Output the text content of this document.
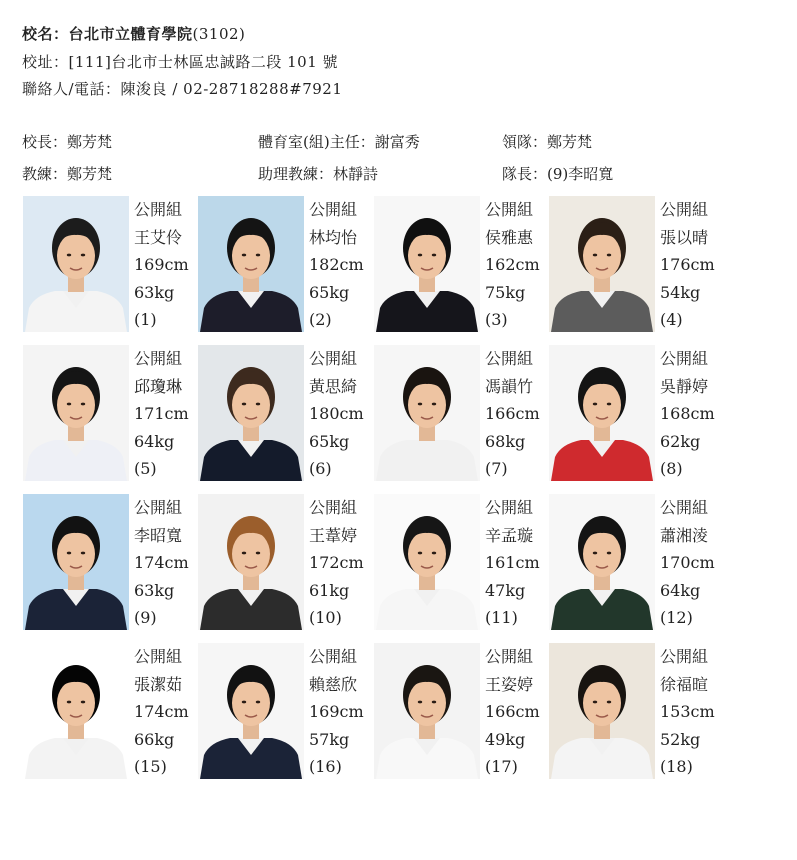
校名：台北市立體育學院(3102)
校址：[111]台北市士林區忠誠路二段 101 號
聯絡人/電話：陳浚良 / 02-28718288#7921
校長：鄭芳梵	體育室(組)主任：謝富秀	領隊：鄭芳梵
教練：鄭芳梵	助理教練：林靜詩	隊長：(9)李昭寬
公開組
王艾伶
169cm
63kg
(1)
公開組
林均怡
182cm
65kg
(2)
公開組
侯雅惠
162cm
75kg
(3)
公開組
張以晴
176cm
54kg
(4)
公開組
邱瓊琳
171cm
64kg
(5)
公開組
黃思綺
180cm
65kg
(6)
公開組
馮韻竹
166cm
68kg
(7)
公開組
吳靜婷
168cm
62kg
(8)
公開組
李昭寬
174cm
63kg
(9)
公開組
王葦婷
172cm
61kg
(10)
公開組
辛孟璇
161cm
47kg
(11)
公開組
蕭湘淩
170cm
64kg
(12)
公開組
張潔茹
174cm
66kg
(15)
公開組
賴慈欣
169cm
57kg
(16)
公開組
王姿婷
166cm
49kg
(17)
公開組
徐福暄
153cm
52kg
(18)
